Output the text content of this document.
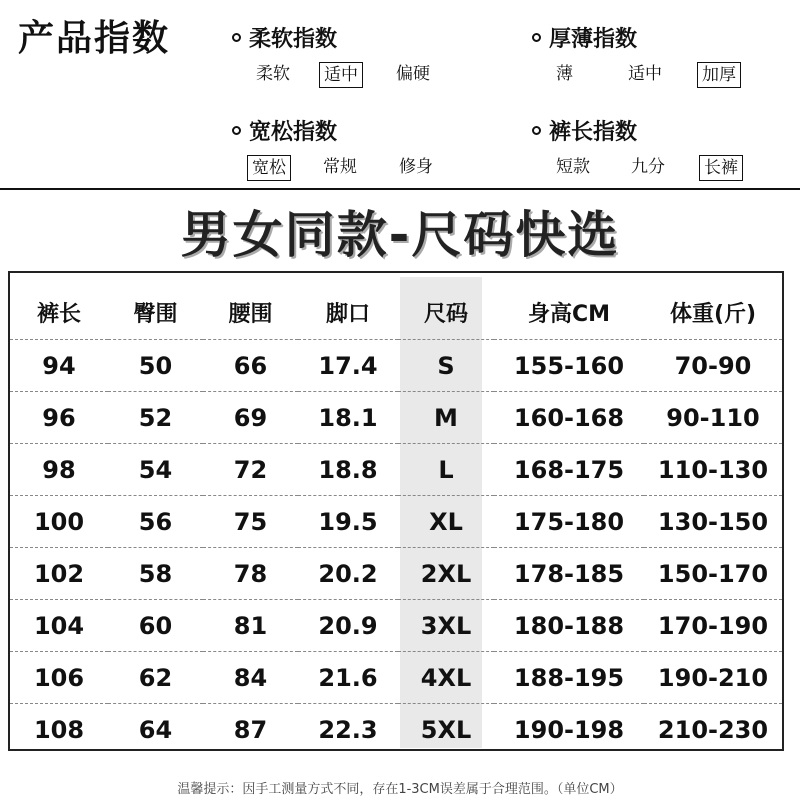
产品指数	柔软指数
柔软 适中 偏硬
厚薄指数
薄	适中 加厚
宽松指数
宽松 常规 修身
裤长指数
短款 九分 长裤
男女同款-尺码快选
裤长	臀围	腰围	脚口	尺码	身高CM	体重(斤)
94	50	66	17.4	S	155-160	70-90
96	52	69	18.1	M	160-168	90-110
98	54	72	18.8	L	168-175	110-130
100	56	75	19.5	XL	175-180	130-150
102	58	78	20.2	2XL	178-185	150-170
104	60	81	20.9	3XL	180-188	170-190
106	62	84	21.6	4XL	188-195	190-210
108	64	87	22.3	5XL	190-198	210-230
温馨提示：因手工测量方式不同，存在1-3CM误差属于合理范围。（单位CM）
